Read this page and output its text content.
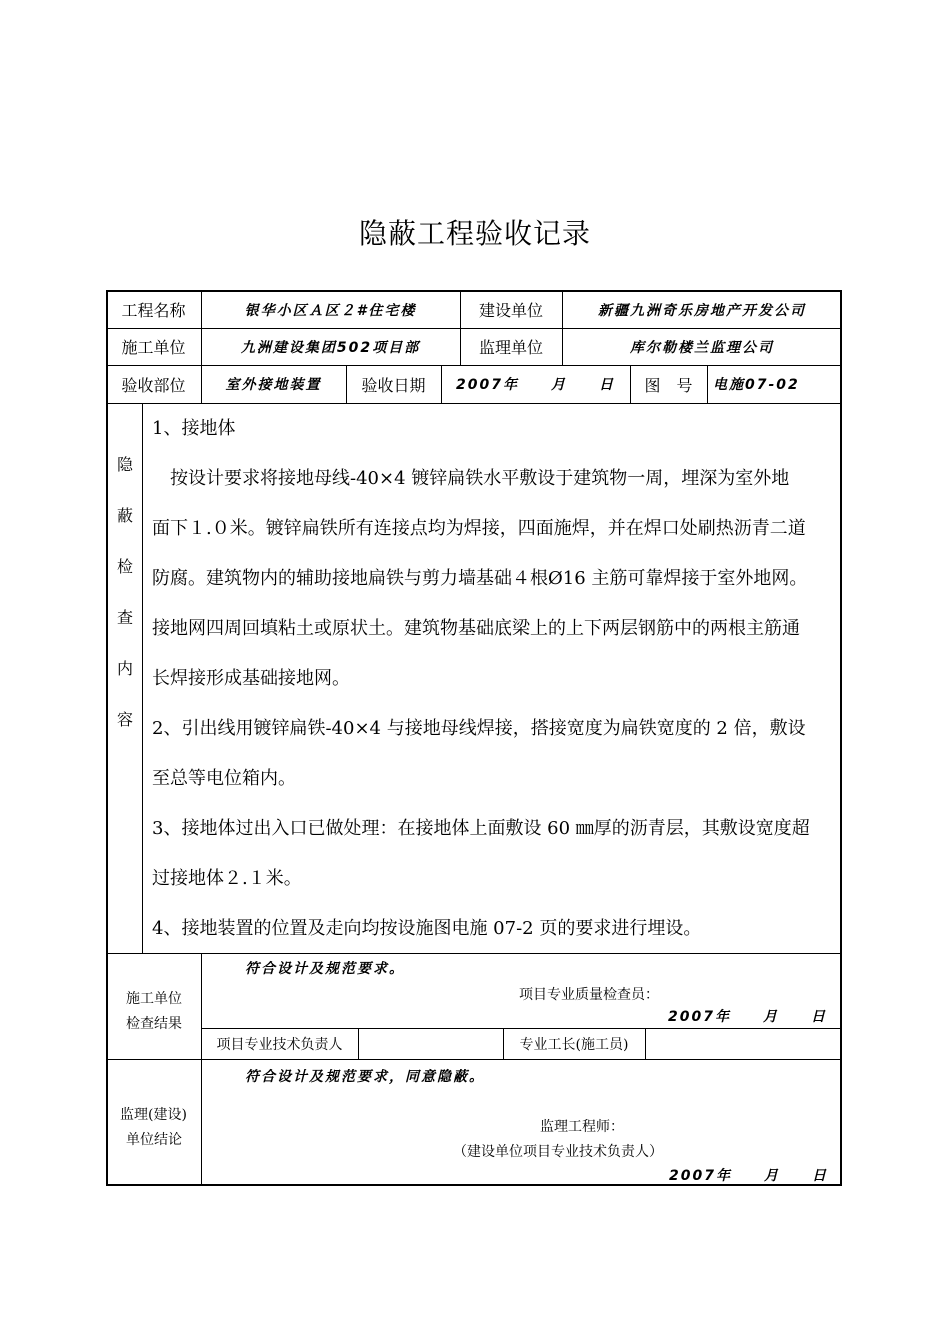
隐蔽工程验收记录
工程名称	银华小区Ａ区２#住宅楼	建设单位	新疆九洲奇乐房地产开发公司
施工单位	九洲建设集团502项目部	监理单位	库尔勒楼兰监理公司
验收部位	室外接地装置	验收日期	2007年　　月　　日	图　号	电施07-02
隐
蔽
检
查
内
容
1、接地体
　按设计要求将接地母线-40×4 镀锌扁铁水平敷设于建筑物一周，埋深为室外地
面下１.０米。镀锌扁铁所有连接点均为焊接，四面施焊，并在焊口处刷热沥青二道
防腐。建筑物内的辅助接地扁铁与剪力墙基础４根Ø16 主筋可靠焊接于室外地网。
接地网四周回填粘土或原状土。建筑物基础底梁上的上下两层钢筋中的两根主筋通
长焊接形成基础接地网。
2、引出线用镀锌扁铁-40×4 与接地母线焊接，搭接宽度为扁铁宽度的 2 倍，敷设
至总等电位箱内。
3、接地体过出入口已做处理：在接地体上面敷设 60 ㎜厚的沥青层，其敷设宽度超
过接地体２.１米。
4、接地装置的位置及走向均按设施图电施 07-2 页的要求进行埋设。
施工单位
检查结果
符合设计及规范要求。
项目专业质量检查员：
2007年　　月　　日
项目专业技术负责人	专业工长(施工员)
监理(建设)
单位结论
符合设计及规范要求，同意隐蔽。
监理工程师：
（建设单位项目专业技术负责人）
2007年　　月　　日
